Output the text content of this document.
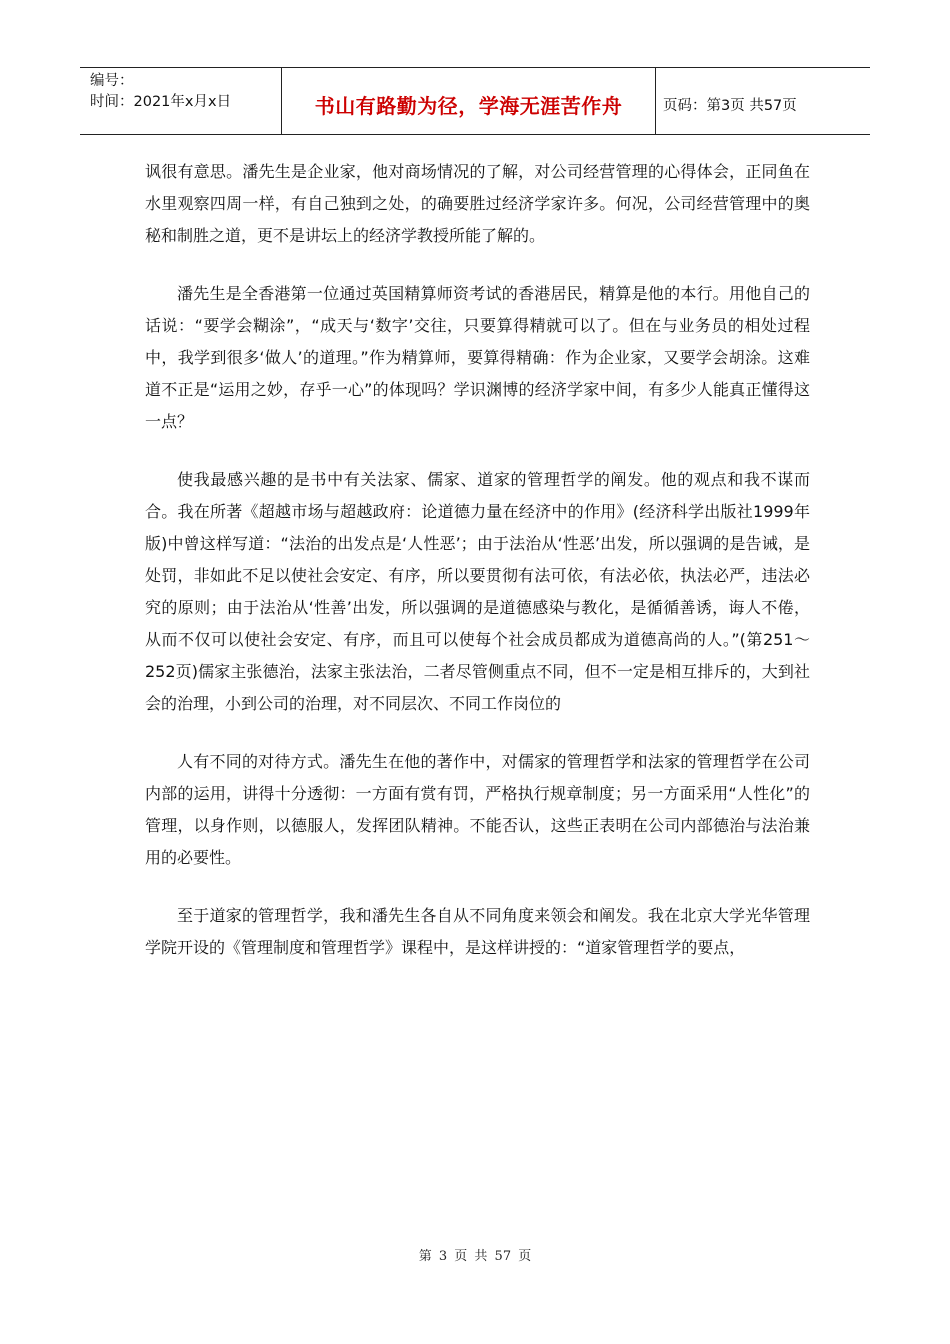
编号：
时间：2021年x月x日	书山有路勤为径，学海无涯苦作舟	页码：第3页 共57页

讽很有意思。潘先生是企业家，他对商场情况的了解，对公司经营管理的心得体会，正同鱼在水里观察四周一样，有自己独到之处，的确要胜过经济学家许多。何况，公司经营管理中的奥秘和制胜之道，更不是讲坛上的经济学教授所能了解的。

潘先生是全香港第一位通过英国精算师资考试的香港居民，精算是他的本行。用他自己的话说：“要学会糊涂”，“成天与‘数字’交往，只要算得精就可以了。但在与业务员的相处过程中，我学到很多‘做人’的道理。”作为精算师，要算得精确：作为企业家，又要学会胡涂。这难道不正是“运用之妙，存乎一心”的体现吗？学识渊博的经济学家中间，有多少人能真正懂得这一点？

使我最感兴趣的是书中有关法家、儒家、道家的管理哲学的阐发。他的观点和我不谋而合。我在所著《超越市场与超越政府：论道德力量在经济中的作用》(经济科学出版社1999年版)中曾这样写道：“法治的出发点是‘人性恶’；由于法治从‘性恶’出发，所以强调的是告诫，是处罚，非如此不足以使社会安定、有序，所以要贯彻有法可依，有法必依，执法必严，违法必究的原则；由于法治从‘性善’出发，所以强调的是道德感染与教化，是循循善诱，诲人不倦，从而不仅可以使社会安定、有序，而且可以使每个社会成员都成为道德高尚的人。”(第251～252页)儒家主张德治，法家主张法治，二者尽管侧重点不同，但不一定是相互排斥的，大到社会的治理，小到公司的治理，对不同层次、不同工作岗位的

人有不同的对待方式。潘先生在他的著作中，对儒家的管理哲学和法家的管理哲学在公司内部的运用，讲得十分透彻：一方面有赏有罚，严格执行规章制度；另一方面采用“人性化”的管理，以身作则，以德服人，发挥团队精神。不能否认，这些正表明在公司内部德治与法治兼用的必要性。

至于道家的管理哲学，我和潘先生各自从不同角度来领会和阐发。我在北京大学光华管理学院开设的《管理制度和管理哲学》课程中，是这样讲授的：“道家管理哲学的要点，

第 3 页 共 57 页
